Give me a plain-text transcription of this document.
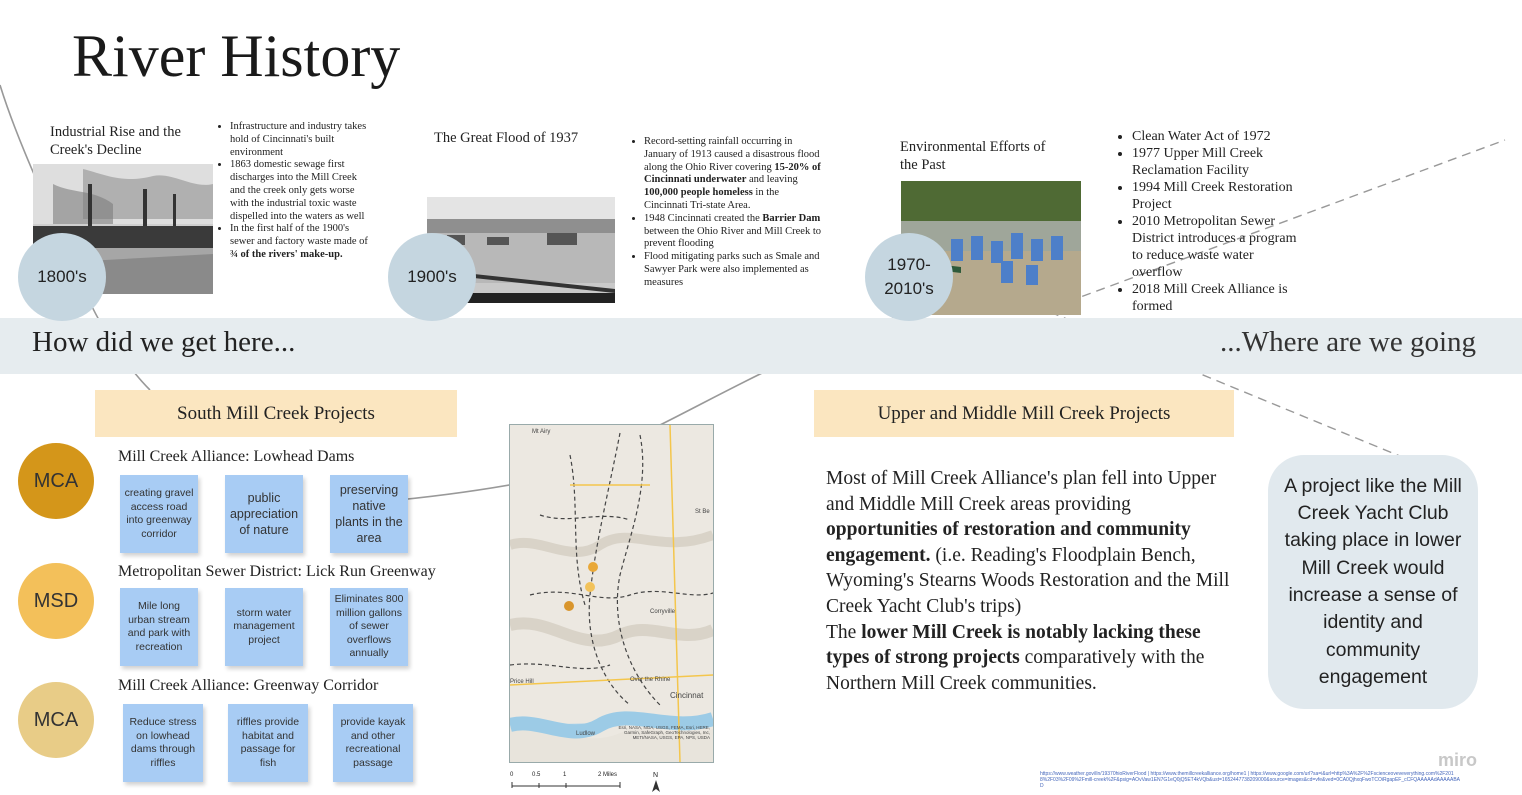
River History
How did we get here...	...Where are we going
Industrial Rise and the Creek's Decline
• Infrastructure and industry takes hold of Cincinnati's built environment
• 1863 domestic sewage first discharges into the Mill Creek and the creek only gets worse with the industrial toxic waste dispelled into the waters as well
• In the first half of the 1900's sewer and factory waste made of ¾ of the rivers' make-up.
1800's
The Great Flood of 1937
•	Record-setting rainfall occurring in January of 1913 caused a disastrous flood along the Ohio River covering 15-20% of Cincinnati underwater and leaving 100,000 people homeless in the Cincinnati Tri-state Area.
• 1948 Cincinnati created the Barrier Dam between the Ohio River and Mill Creek to prevent flooding
• Flood mitigating parks such as Smale and Sawyer Park were also implemented as measures
1900's
Environmental Efforts of the Past
• Clean Water Act of 1972
• 1977 Upper Mill Creek Reclamation Facility
• 1994 Mill Creek Restoration Project
• 2010 Metropolitan Sewer District introduces a program to reduce waste water overflow
• 2018 Mill Creek Alliance is formed
1970-
2010's
South Mill Creek Projects
MCA
Mill Creek Alliance: Lowhead Dams
creating gravel access road into greenway corridor
public appreciation of nature
preserving native plants in the area
MSD
Metropolitan Sewer District: Lick Run Greenway
Mile long urban stream and park with recreation
storm water management project
Eliminates 800 million gallons of sewer overflows annually
MCA
Mill Creek Alliance: Greenway Corridor
Reduce stress on lowhead dams through riffles
riffles provide habitat and passage for fish
provide kayak and other recreational passage
Mt Airy
St Be
Corryville
Over the Rhine
Cincinnat
Ludlow
Price Hill
Esri, NASA, NGA, USGS, FEMA, Esri, HERE, Garmin, SafeGraph, GeoTechnologies, Inc, METI/NASA, USGS, EPA, NPS, USDA
0	0.5	1	2 Miles	N
Upper and Middle Mill Creek Projects
Most of Mill Creek Alliance's plan fell into Upper and Middle Mill Creek areas providing opportunities of restoration and community engagement. (i.e. Reading's Floodplain Bench, Wyoming's Stearns Woods Restoration and the Mill Creek Yacht Club's trips)
The lower Mill Creek is notably lacking these types of strong projects comparatively with the Northern Mill Creek communities.
A project like the Mill Creek Yacht Club taking place in lower Mill Creek would increase a sense of identity and community engagement
https://www.weather.gov/iln/19370hioRiverFlood | https://www.themillcreekalliance.org/home1 | https://www.google.com/url?sa=i&url=http%3A%2F%2Fscienceoveveverything.com%2F2018%2F03%2F09%2Fmill-creek%2F&psig=AOvVaw1EN7G1eQ0jQ5ET4kVQb&ust=1652447738209000&source=images&cd=vfe&ved=0CA0QjhxqFwoTCOiRgapEF_cCFQAAAAAdAAAAABAD
miro
